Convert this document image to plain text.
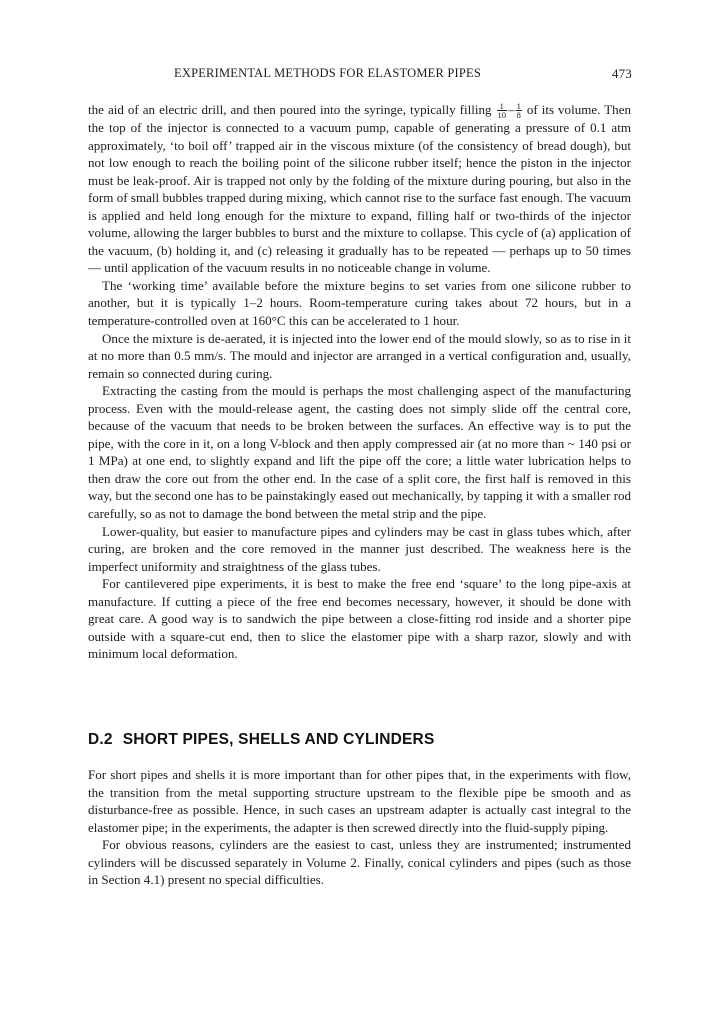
EXPERIMENTAL METHODS FOR ELASTOMER PIPES	473

the aid of an electric drill, and then poured into the syringe, typically filling $\frac{1}{10} - \frac{1}{8}$ of its volume. Then the top of the injector is connected to a vacuum pump, capable of generating a pressure of 0.1 atm approximately, ‘to boil off’ trapped air in the viscous mixture (of the consistency of bread dough), but not low enough to reach the boiling point of the silicone rubber itself; hence the piston in the injector must be leak-proof. Air is trapped not only by the folding of the mixture during pouring, but also in the form of small bubbles trapped during mixing, which cannot rise to the surface fast enough. The vacuum is applied and held long enough for the mixture to expand, filling half or two-thirds of the injector volume, allowing the larger bubbles to burst and the mixture to collapse. This cycle of (a) application of the vacuum, (b) holding it, and (c) releasing it gradually has to be repeated — perhaps up to 50 times — until application of the vacuum results in no noticeable change in volume.

The ‘working time’ available before the mixture begins to set varies from one silicone rubber to another, but it is typically 1–2 hours. Room-temperature curing takes about 72 hours, but in a temperature-controlled oven at 160°C this can be accelerated to 1 hour.

Once the mixture is de-aerated, it is injected into the lower end of the mould slowly, so as to rise in it at no more than 0.5 mm/s. The mould and injector are arranged in a vertical configuration and, usually, remain so connected during curing.

Extracting the casting from the mould is perhaps the most challenging aspect of the manufacturing process. Even with the mould-release agent, the casting does not simply slide off the central core, because of the vacuum that needs to be broken between the surfaces. An effective way is to put the pipe, with the core in it, on a long V-block and then apply compressed air (at no more than ~ 140 psi or 1 MPa) at one end, to slightly expand and lift the pipe off the core; a little water lubrication helps to then draw the core out from the other end. In the case of a split core, the first half is removed in this way, but the second one has to be painstakingly eased out mechanically, by tapping it with a smaller rod carefully, so as not to damage the bond between the metal strip and the pipe.

Lower-quality, but easier to manufacture pipes and cylinders may be cast in glass tubes which, after curing, are broken and the core removed in the manner just described. The weakness here is the imperfect uniformity and straightness of the glass tubes.

For cantilevered pipe experiments, it is best to make the free end ‘square’ to the long pipe-axis at manufacture. If cutting a piece of the free end becomes necessary, however, it should be done with great care. A good way is to sandwich the pipe between a close-fitting rod inside and a shorter pipe outside with a square-cut end, then to slice the elastomer pipe with a sharp razor, slowly and with minimum local deformation.

D.2 SHORT PIPES, SHELLS AND CYLINDERS

For short pipes and shells it is more important than for other pipes that, in the experiments with flow, the transition from the metal supporting structure upstream to the flexible pipe be smooth and as disturbance-free as possible. Hence, in such cases an upstream adapter is actually cast integral to the elastomer pipe; in the experiments, the adapter is then screwed directly into the fluid-supply piping.

For obvious reasons, cylinders are the easiest to cast, unless they are instrumented; instrumented cylinders will be discussed separately in Volume 2. Finally, conical cylinders and pipes (such as those in Section 4.1) present no special difficulties.
